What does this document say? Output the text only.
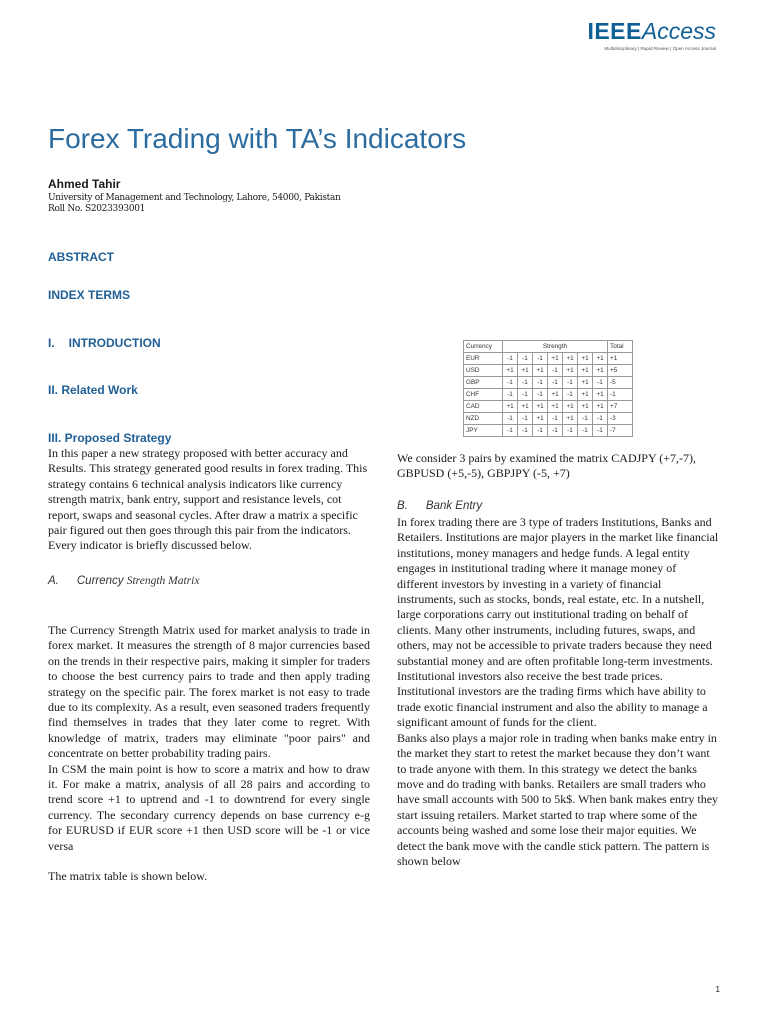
IEEEAccess
Multidisciplinary | Rapid Review | Open Access Journal
Forex Trading with TA’s Indicators
Ahmed Tahir
University of Management and Technology, Lahore, 54000, Pakistan
Roll No. S2023393001
ABSTRACT
INDEX TERMS
I. INTRODUCTION
II. Related Work
III. Proposed Strategy

In this paper a new strategy proposed with better accuracy and Results. This strategy generated good results in forex trading. This strategy contains 6 technical analysis indicators like currency strength matrix, bank entry, support and resistance levels, cot report, swaps and seasonal cycles. After draw a matrix a specific pair figured out then goes through this pair from the indicators. Every indicator is briefly discussed below.

A. Currency Strength Matrix

The Currency Strength Matrix used for market analysis to trade in forex market. It measures the strength of 8 major currencies based on the trends in their respective pairs, making it simpler for traders to choose the best currency pairs to trade and then apply trading strategy on the specific pair. The forex market is not easy to trade due to its complexity. As a result, even seasoned traders frequently find themselves in trades that they later come to regret. With knowledge of matrix, traders may eliminate "poor pairs" and concentrate on better probability trading pairs.

In CSM the main point is how to score a matrix and how to draw it. For make a matrix, analysis of all 28 pairs and according to trend score +1 to uptrend and -1 to downtrend for every single currency. The secondary currency depends on base currency e-g for EURUSD if EUR score +1 then USD score will be -1 or vice versa

The matrix table is shown below.

Currency	Strength							Total
EUR	-1	-1	-1	+1	+1	+1	+1	+1
USD	+1	+1	+1	-1	+1	+1	+1	+5
GBP	-1	-1	-1	-1	-1	+1	-1	-5
CHF	-1	-1	-1	+1	-1	+1	+1	-1
CAD	+1	+1	+1	+1	+1	+1	+1	+7
NZD	-1	-1	+1	-1	+1	-1	-1	-3
JPY	-1	-1	-1	-1	-1	-1	-1	-7

We consider 3 pairs by examined the matrix CADJPY (+7,-7), GBPUSD (+5,-5), GBPJPY (-5, +7)

B. Bank Entry

In forex trading there are 3 type of traders Institutions, Banks and Retailers. Institutions are major players in the market like financial institutions, money managers and hedge funds. A legal entity engages in institutional trading where it manage money of different investors by investing in a variety of financial instruments, such as stocks, bonds, real estate, etc. In a nutshell, large corporations carry out institutional trading on behalf of clients. Many other instruments, including futures, swaps, and others, may not be accessible to private traders because they need substantial money and are often profitable long-term investments. Institutional investors also receive the best trade prices. Institutional investors are the trading firms which have ability to trade exotic financial instrument and also the ability to manage a significant amount of funds for the client.

Banks also plays a major role in trading when banks make entry in the market they start to retest the market because they don’t want to trade anyone with them. In this strategy we detect the banks move and do trading with banks. Retailers are small traders who have small accounts with 500 to 5k$. When bank makes entry they start issuing retailers. Market started to trap where some of the accounts being washed and some lose their major equities. We detect the bank move with the candle stick pattern. The pattern is shown below

1
